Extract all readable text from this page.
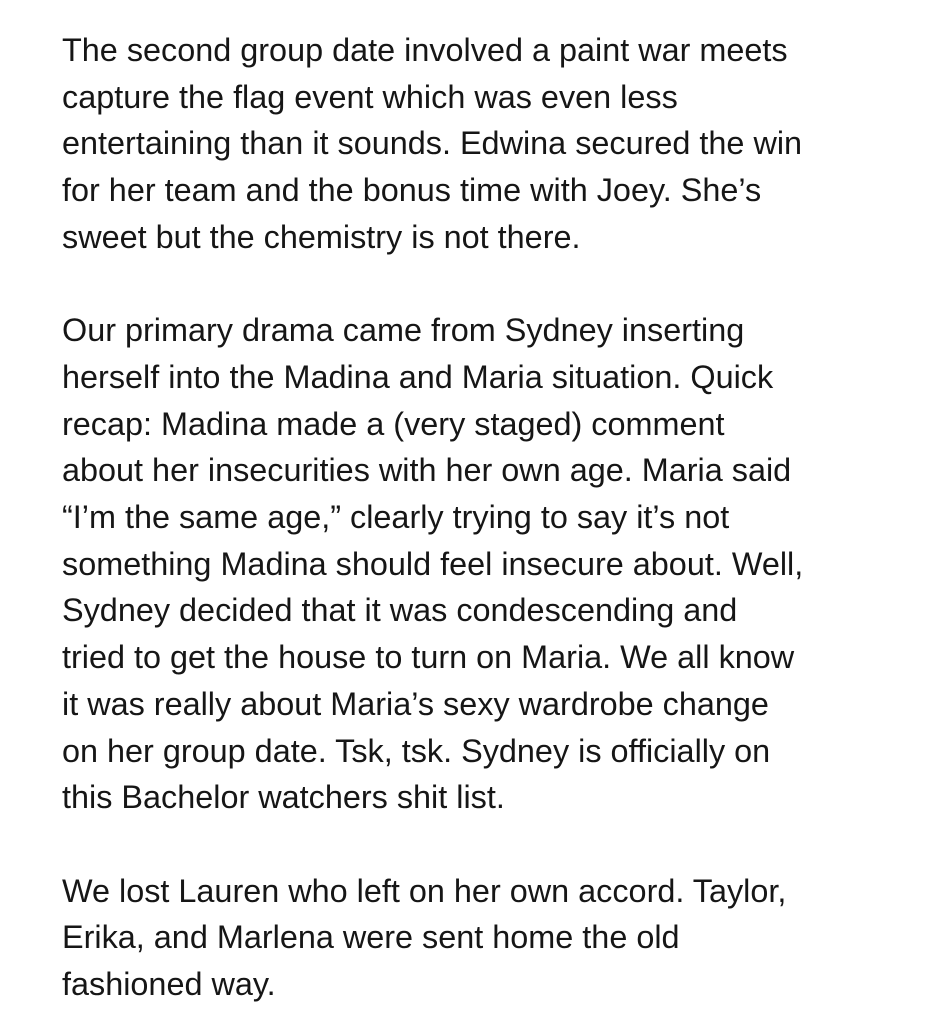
The second group date involved a paint war meets
capture the flag event which was even less
entertaining than it sounds. Edwina secured the win
for her team and the bonus time with Joey. She’s
sweet but the chemistry is not there.

Our primary drama came from Sydney inserting
herself into the Madina and Maria situation. Quick
recap: Madina made a (very staged) comment
about her insecurities with her own age. Maria said
“I’m the same age,” clearly trying to say it’s not
something Madina should feel insecure about. Well,
Sydney decided that it was condescending and
tried to get the house to turn on Maria. We all know
it was really about Maria’s sexy wardrobe change
on her group date. Tsk, tsk. Sydney is officially on
this Bachelor watchers shit list.

We lost Lauren who left on her own accord. Taylor,
Erika, and Marlena were sent home the old
fashioned way.
